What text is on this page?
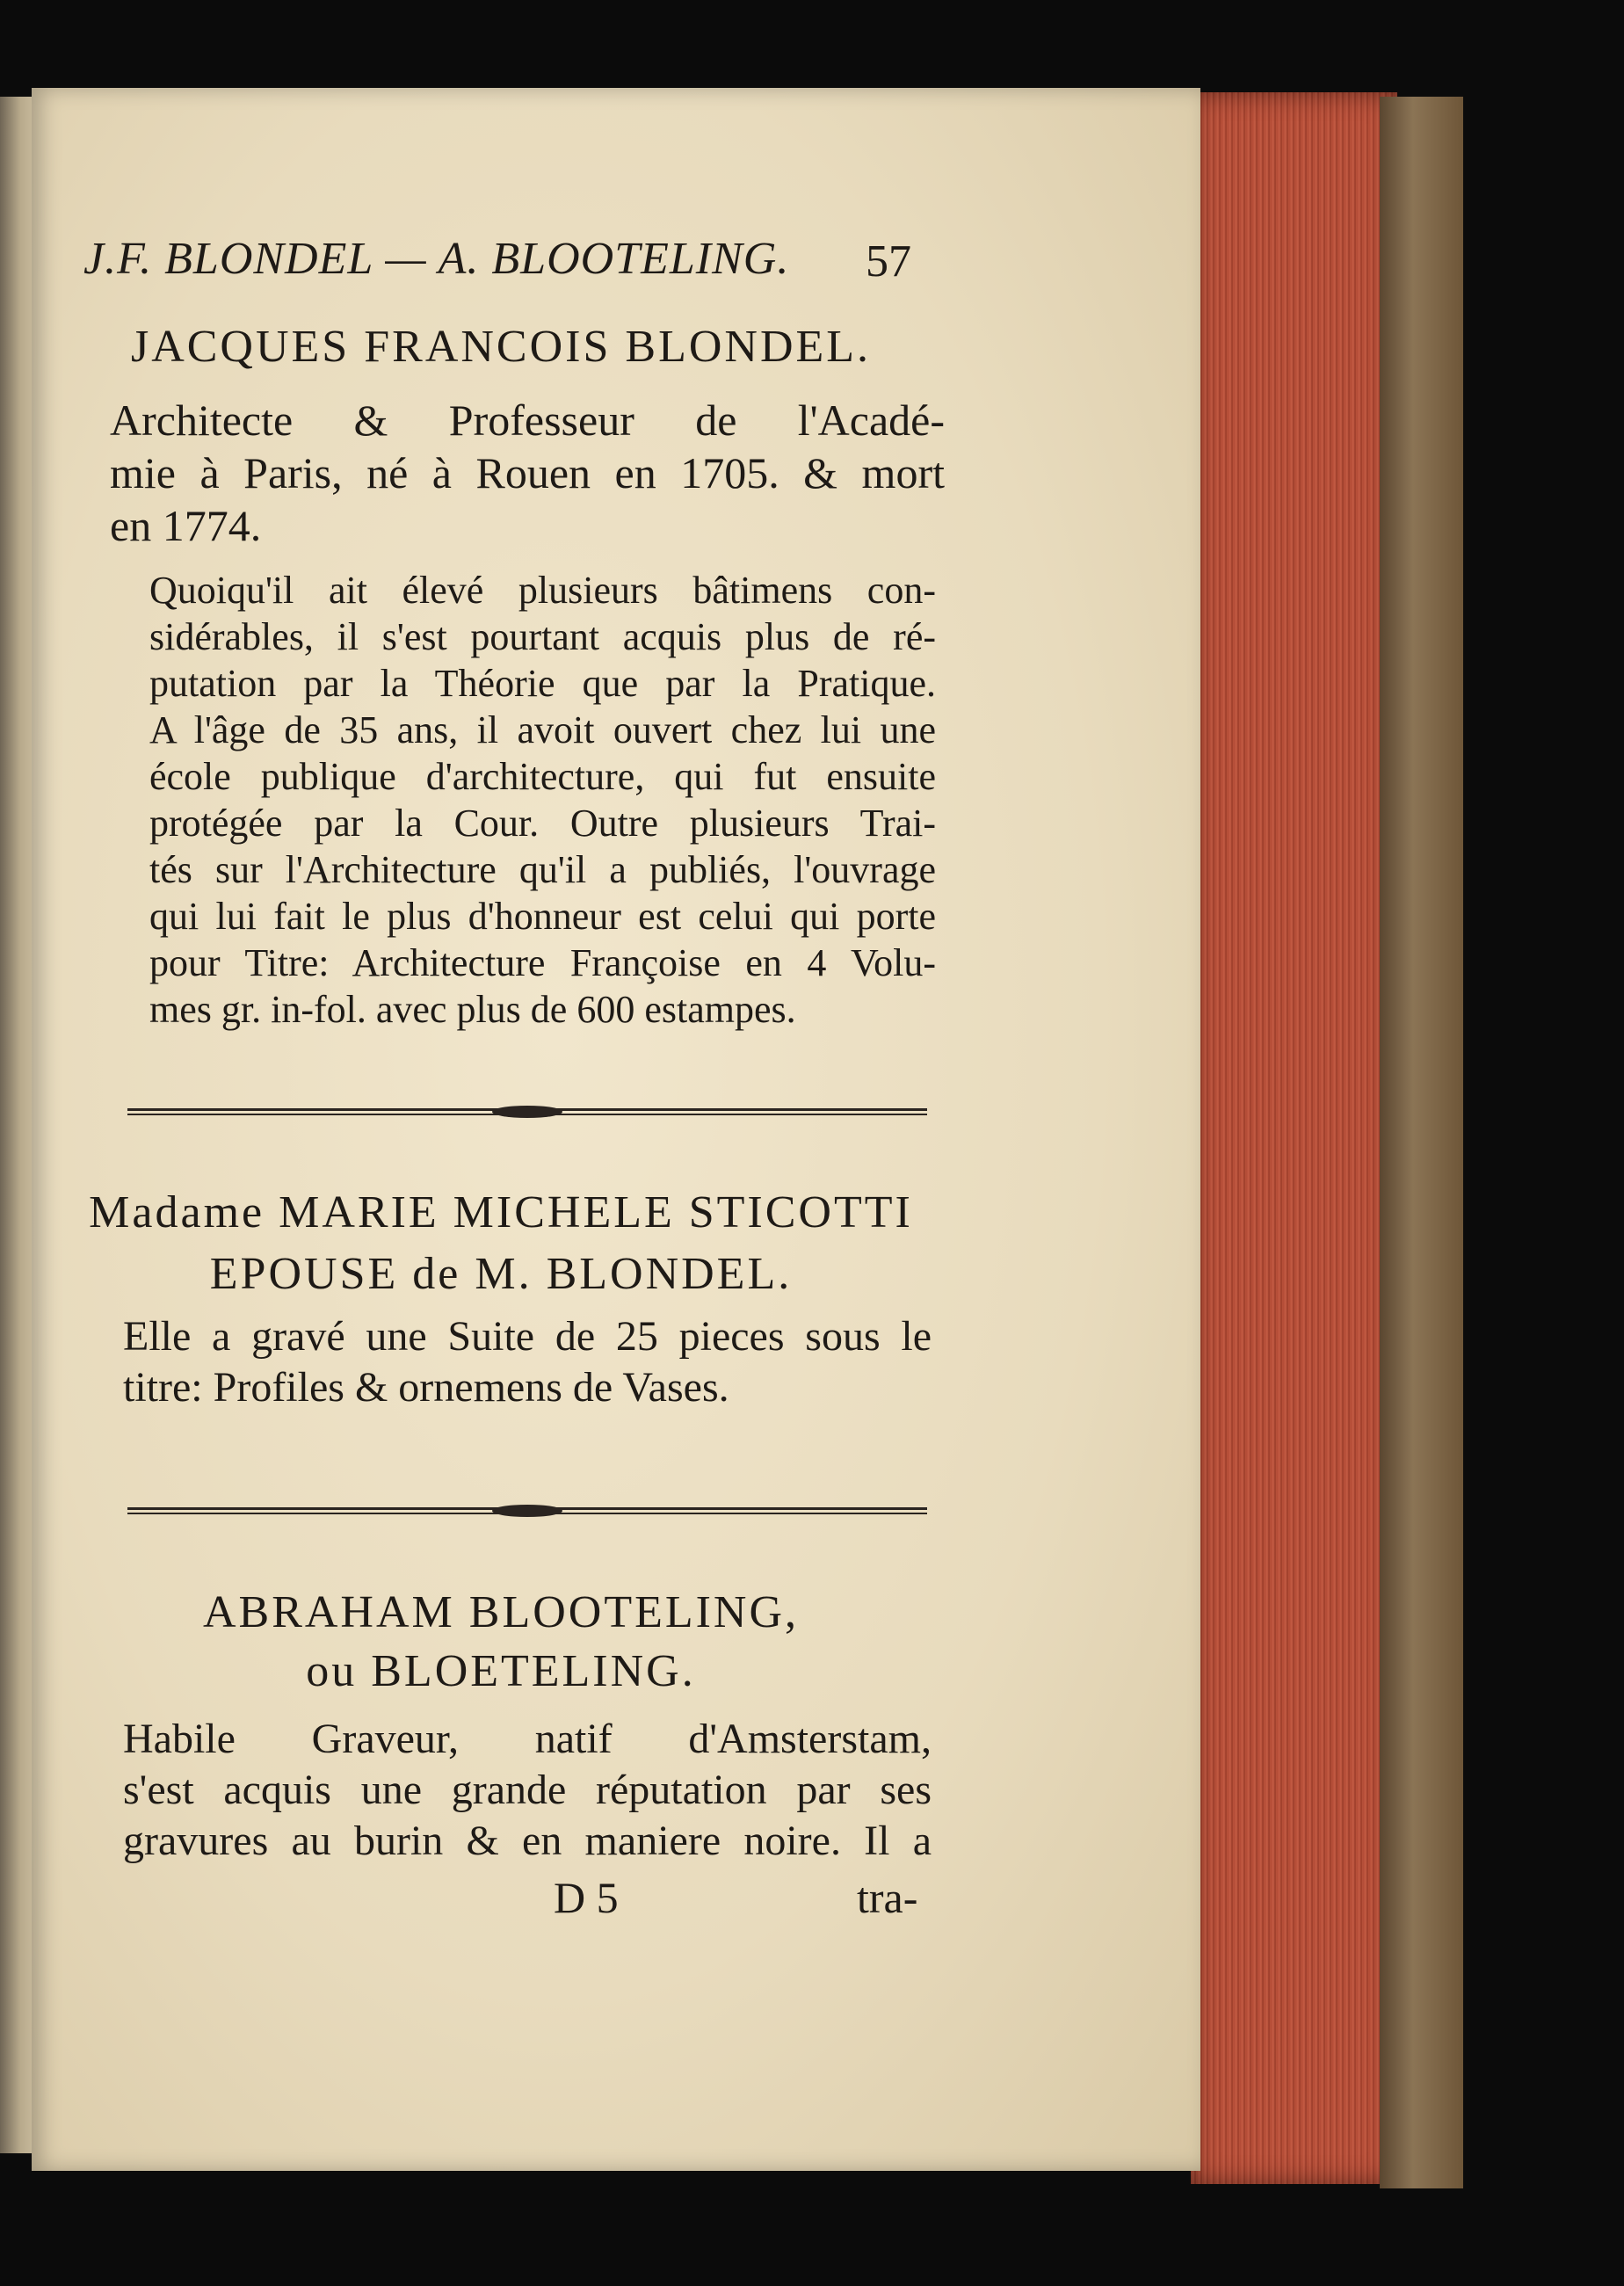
J.F. BLONDEL — A. BLOOTELING. 57
JACQUES FRANCOIS BLONDEL.
Architecte & Professeur de l'Acadé-
mie à Paris, né à Rouen en 1705. & mort
en 1774.
Quoiqu'il ait élevé plusieurs bâtimens con-
sidérables, il s'est pourtant acquis plus de ré-
putation par la Théorie que par la Pratique.
A l'âge de 35 ans, il avoit ouvert chez lui une
école publique d'architecture, qui fut ensuite
protégée par la Cour. Outre plusieurs Trai-
tés sur l'Architecture qu'il a publiés, l'ouvrage
qui lui fait le plus d'honneur est celui qui porte
pour Titre: Architecture Françoise en 4 Volu-
mes gr. in-fol. avec plus de 600 estampes.
Madame MARIE MICHELE STICOTTI
EPOUSE de M. BLONDEL.
Elle a gravé une Suite de 25 pieces sous le
titre: Profiles & ornemens de Vases.
ABRAHAM BLOOTELING,
ou BLOETELING.
Habile Graveur, natif d'Amsterstam,
s'est acquis une grande réputation par ses
gravures au burin & en maniere noire. Il a
D 5	tra-
